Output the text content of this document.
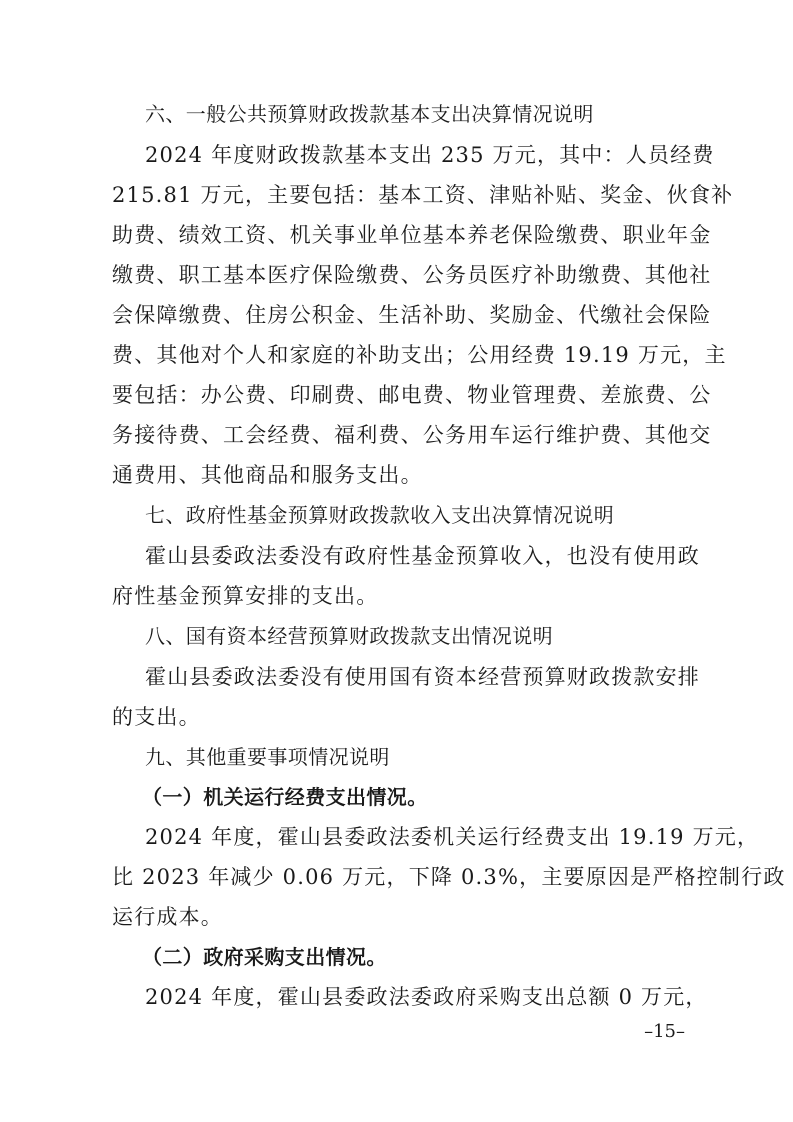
六、一般公共预算财政拨款基本支出决算情况说明
2024 年度财政拨款基本支出 235 万元，其中：人员经费
215.81 万元，主要包括：基本工资、津贴补贴、奖金、伙食补
助费、绩效工资、机关事业单位基本养老保险缴费、职业年金
缴费、职工基本医疗保险缴费、公务员医疗补助缴费、其他社
会保障缴费、住房公积金、生活补助、奖励金、代缴社会保险
费、其他对个人和家庭的补助支出；公用经费 19.19 万元，主
要包括：办公费、印刷费、邮电费、物业管理费、差旅费、公
务接待费、工会经费、福利费、公务用车运行维护费、其他交
通费用、其他商品和服务支出。
七、政府性基金预算财政拨款收入支出决算情况说明
霍山县委政法委没有政府性基金预算收入，也没有使用政
府性基金预算安排的支出。
八、国有资本经营预算财政拨款支出情况说明
霍山县委政法委没有使用国有资本经营预算财政拨款安排
的支出。
九、其他重要事项情况说明
（一）机关运行经费支出情况。
2024 年度，霍山县委政法委机关运行经费支出 19.19 万元，
比 2023 年减少 0.06 万元，下降 0.3%，主要原因是严格控制行政
运行成本。
（二）政府采购支出情况。
2024 年度，霍山县委政法委政府采购支出总额 0 万元，
–15–
